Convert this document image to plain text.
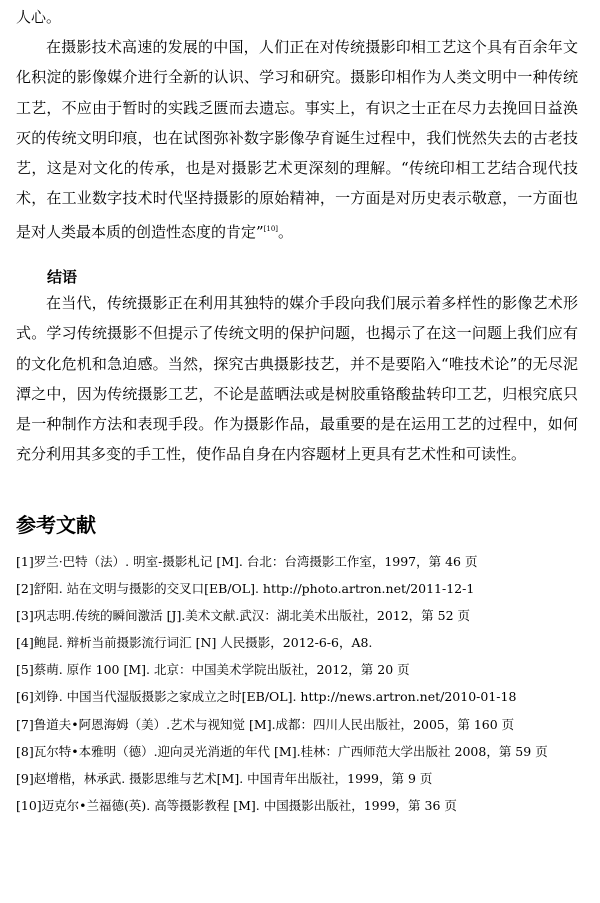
人心。

在摄影技术高速的发展的中国，人们正在对传统摄影印相工艺这个具有百余年文化积淀的影像媒介进行全新的认识、学习和研究。摄影印相作为人类文明中一种传统工艺，不应由于暂时的实践乏匮而去遗忘。事实上，有识之士正在尽力去挽回日益涣灭的传统文明印痕，也在试图弥补数字影像孕育诞生过程中，我们恍然失去的古老技艺，这是对文化的传承，也是对摄影艺术更深刻的理解。“传统印相工艺结合现代技术，在工业数字技术时代坚持摄影的原始精神，一方面是对历史表示敬意，一方面也是对人类最本质的创造性态度的肯定”[10]。

结语

在当代，传统摄影正在利用其独特的媒介手段向我们展示着多样性的影像艺术形式。学习传统摄影不但提示了传统文明的保护问题，也揭示了在这一问题上我们应有的文化危机和急迫感。当然，探究古典摄影技艺，并不是要陷入“唯技术论”的无尽泥潭之中，因为传统摄影工艺，不论是蓝晒法或是树胶重铬酸盐转印工艺，归根究底只是一种制作方法和表现手段。作为摄影作品，最重要的是在运用工艺的过程中，如何充分利用其多变的手工性，使作品自身在内容题材上更具有艺术性和可读性。

参考文献
[1]罗兰·巴特（法）. 明室-摄影札记 [M]. 台北：台湾摄影工作室，1997，第 46 页
[2]舒阳. 站在文明与摄影的交叉口[EB/OL]. http://photo.artron.net/2011-12-1
[3]巩志明.传统的瞬间激活 [J].美术文献.武汉：湖北美术出版社，2012，第 52 页
[4]鲍昆. 辩析当前摄影流行词汇 [N] 人民摄影，2012-6-6，A8.
[5]蔡萌. 原作 100 [M]. 北京：中国美术学院出版社，2012，第 20 页
[6]刘铮. 中国当代湿版摄影之家成立之时[EB/OL]. http://news.artron.net/2010-01-18
[7]鲁道夫•阿恩海姆（美）.艺术与视知觉 [M].成都：四川人民出版社，2005，第 160 页
[8]瓦尔特•本雅明（德）.迎向灵光消逝的年代 [M].桂林：广西师范大学出版社 2008，第 59 页
[9]赵增楷，林承武. 摄影思维与艺术[M]. 中国青年出版社，1999，第 9 页
[10]迈克尔•兰福德(英). 高等摄影教程 [M]. 中国摄影出版社，1999，第 36 页
